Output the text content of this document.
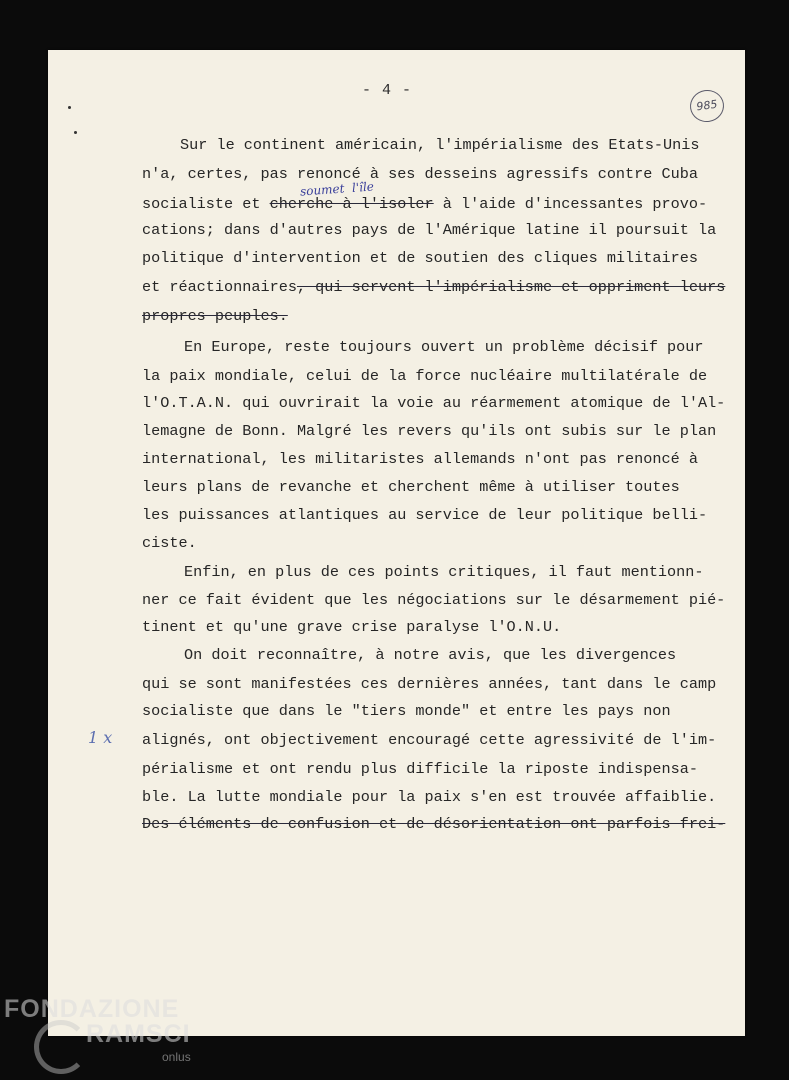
- 4 -
985
soumet  l'île
1 x
Sur le continent américain, l'impérialisme des Etats-Unis
n'a, certes, pas renoncé à ses desseins agressifs contre Cuba
socialiste et cherche à l'isoler à l'aide d'incessantes provo-
cations; dans d'autres pays de l'Amérique latine il poursuit la
politique d'intervention et de soutien des cliques militaires
et réactionnaires, qui servent l'impérialisme et oppriment leurs
propres peuples.
En Europe, reste toujours ouvert un problème décisif pour
la paix mondiale, celui de la force nucléaire multilatérale de
l'O.T.A.N. qui ouvrirait la voie au réarmement atomique de l'Al-
lemagne de Bonn. Malgré les revers qu'ils ont subis sur le plan
international, les militaristes allemands n'ont pas renoncé à
leurs plans de revanche et cherchent même à utiliser toutes
les puissances atlantiques au service de leur politique belli-
ciste.
Enfin, en plus de ces points critiques, il faut mentionn-
ner ce fait évident que les négociations sur le désarmement pié-
tinent et qu'une grave crise paralyse l'O.N.U.
On doit reconnaître, à notre avis, que les divergences
qui se sont manifestées ces dernières années, tant dans le camp
socialiste que dans le "tiers monde" et entre les pays non
alignés, ont objectivement encouragé cette agressivité de l'im-
périalisme et ont rendu plus difficile la riposte indispensa-
ble. La lutte mondiale pour la paix s'en est trouvée affaiblie.
Des éléments de confusion et de désorientation ont parfois frei-
FONDAZIONE
RAMSCI
onlus
